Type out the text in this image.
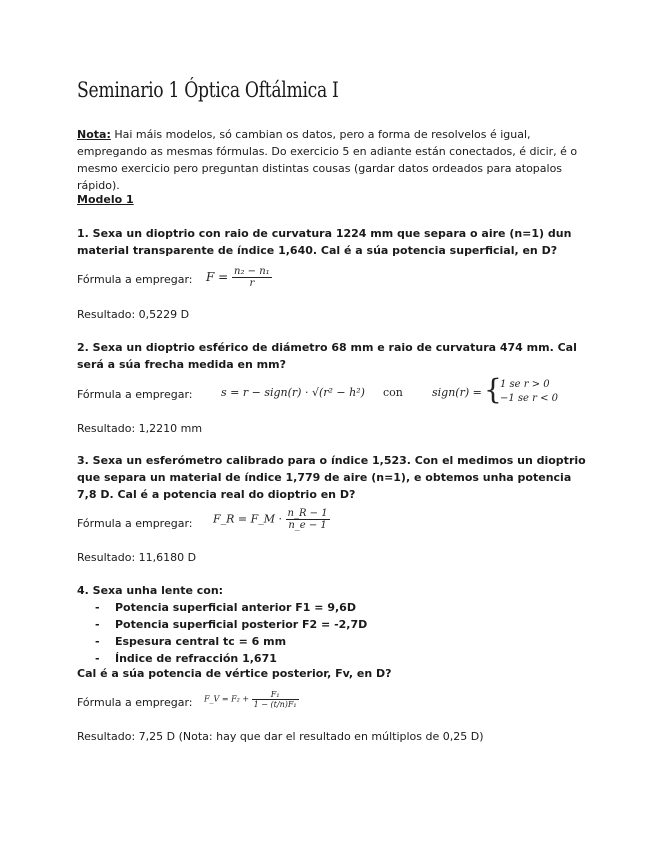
Seminario 1 Óptica Oftálmica I
Nota: Hai máis modelos, só cambian os datos, pero a forma de resolvelos é igual, empregando as mesmas fórmulas. Do exercicio 5 en adiante están conectados, é dicir, é o mesmo exercicio pero preguntan distintas cousas (gardar datos ordeados para atopalos rápido).
Modelo 1
1. Sexa un dioptrio con raio de curvatura 1224 mm que separa o aire (n=1) dun material transparente de índice 1,640. Cal é a súa potencia superficial, en D?
Fórmula a empregar: $F = \frac{\text{n₂ − n₁}}{r}$
Resultado: 0,5229 D
2. Sexa un dioptrio esférico de diámetro 68 mm e raio de curvatura 474 mm. Cal será a súa frecha medida en mm?
Fórmula a empregar:	s = r − sign(r) · √(r² − h²) con	sign(r) = {
1 se r > 0
−1 se r < 0
Resultado: 1,2210 mm
3. Sexa un esferómetro calibrado para o índice 1,523. Con el medimos un dioptrio que separa un material de índice 1,779 de aire (n=1), e obtemos unha potencia 7,8 D. Cal é a potencia real do dioptrio en D?
Fórmula a empregar: F_R = F_M · $\frac{n\_R - 1}{n\_e - 1}$
Resultado: 11,6180 D
4. Sexa unha lente con:
- Potencia superficial anterior F1 = 9,6D
- Potencia superficial posterior F2 = -2,7D
- Espesura central tc = 6 mm
- Índice de refracción 1,671
Cal é a súa potencia de vértice posterior, Fv, en D?
Fórmula a empregar: F_V = $F_2 + \frac{\text{F₁}}{\text{1 − (t/n)F₁}}$
Resultado: 7,25 D (Nota: hay que dar el resultado en múltiplos de 0,25 D)
